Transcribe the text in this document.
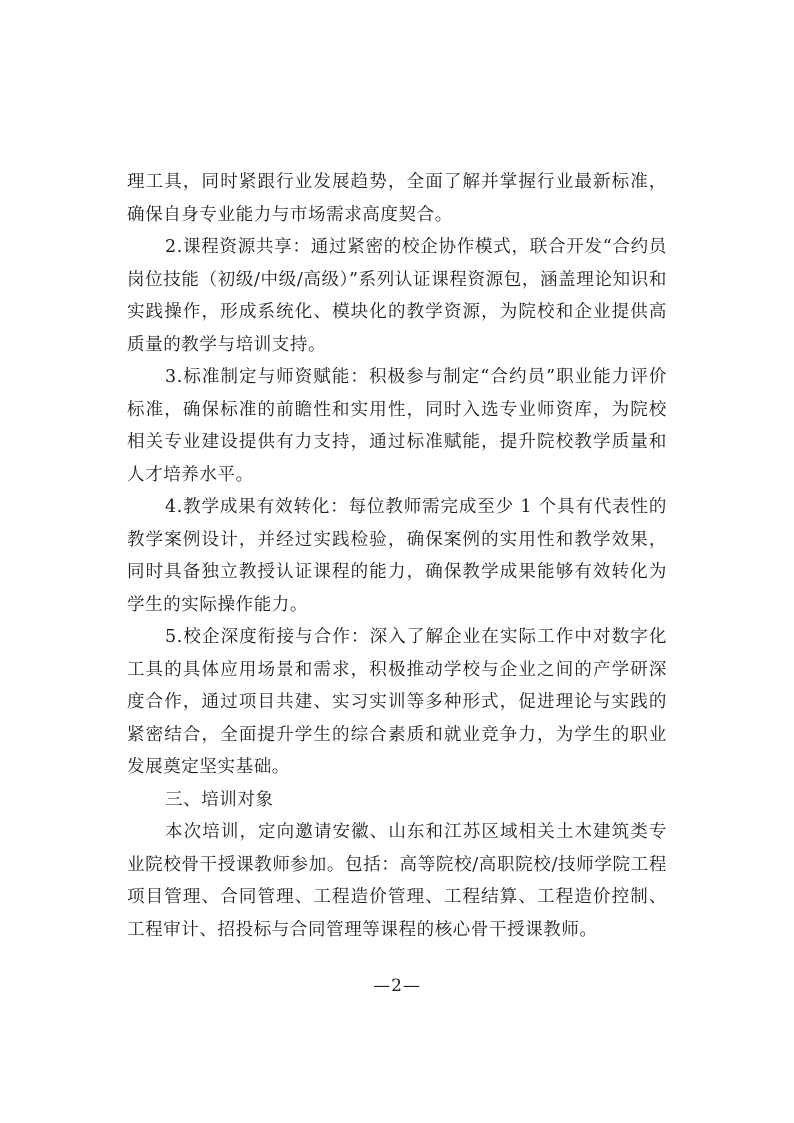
理工具，同时紧跟行业发展趋势，全面了解并掌握行业最新标准，确保自身专业能力与市场需求高度契合。

2.课程资源共享：通过紧密的校企协作模式，联合开发“合约员岗位技能（初级/中级/高级）”系列认证课程资源包，涵盖理论知识和实践操作，形成系统化、模块化的教学资源，为院校和企业提供高质量的教学与培训支持。

3.标准制定与师资赋能：积极参与制定“合约员”职业能力评价标准，确保标准的前瞻性和实用性，同时入选专业师资库，为院校相关专业建设提供有力支持，通过标准赋能，提升院校教学质量和人才培养水平。

4.教学成果有效转化：每位教师需完成至少 1 个具有代表性的教学案例设计，并经过实践检验，确保案例的实用性和教学效果，同时具备独立教授认证课程的能力，确保教学成果能够有效转化为学生的实际操作能力。

5.校企深度衔接与合作：深入了解企业在实际工作中对数字化工具的具体应用场景和需求，积极推动学校与企业之间的产学研深度合作，通过项目共建、实习实训等多种形式，促进理论与实践的紧密结合，全面提升学生的综合素质和就业竞争力，为学生的职业发展奠定坚实基础。

三、培训对象

本次培训，定向邀请安徽、山东和江苏区域相关土木建筑类专业院校骨干授课教师参加。包括：高等院校/高职院校/技师学院工程项目管理、合同管理、工程造价管理、工程结算、工程造价控制、工程审计、招投标与合同管理等课程的核心骨干授课教师。

—2—
